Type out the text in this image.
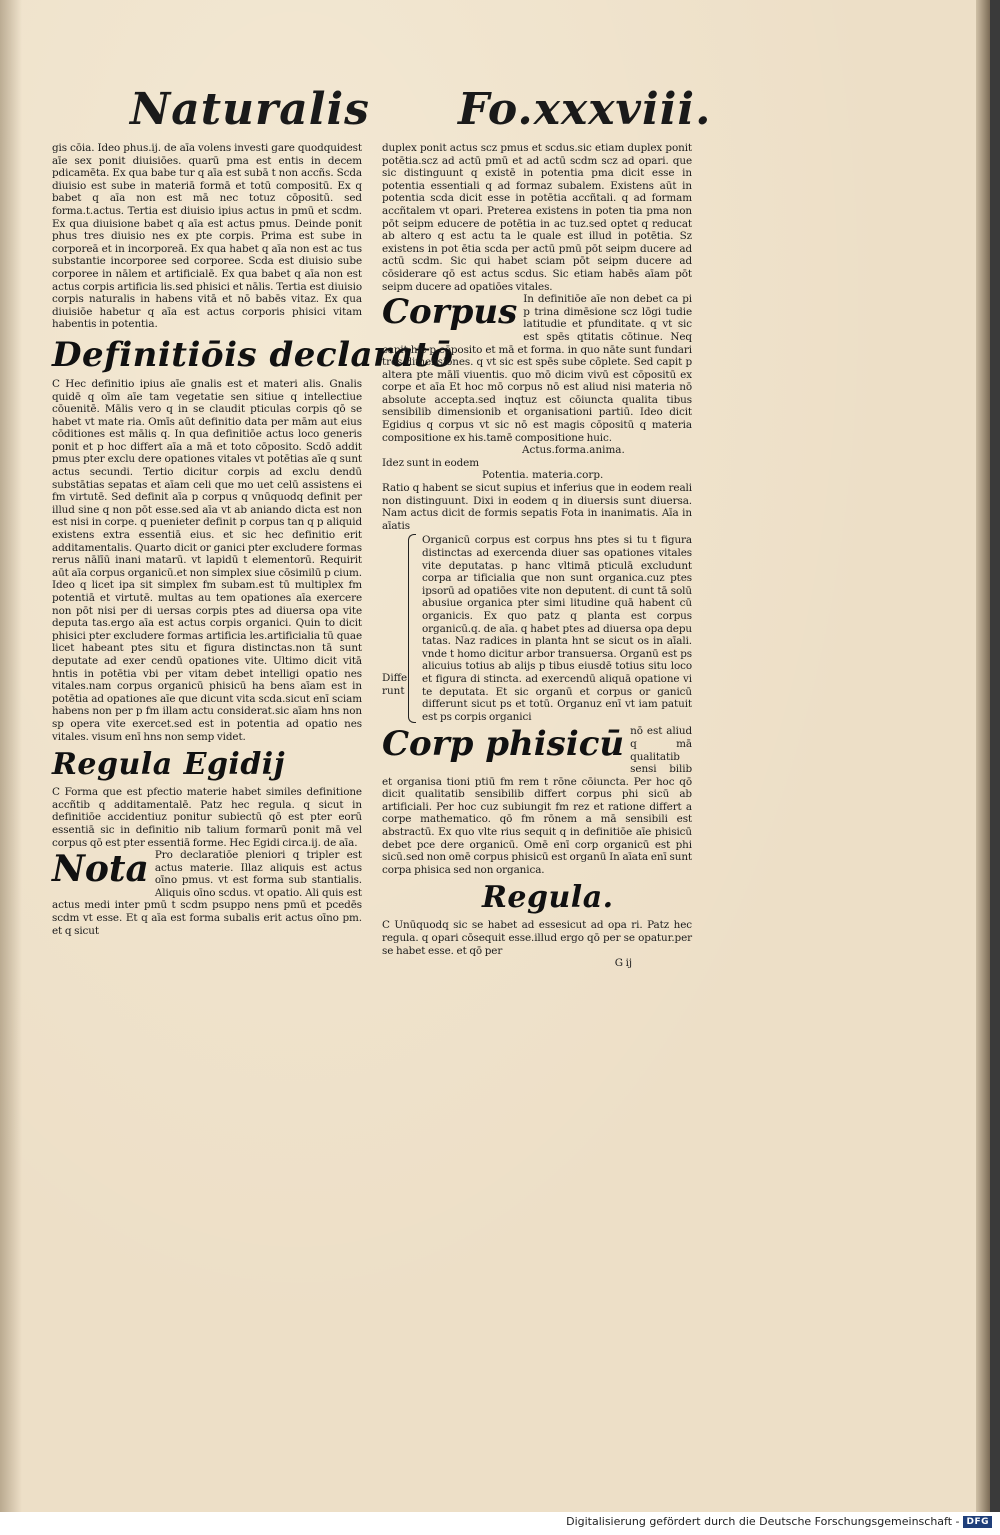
Naturalis Fo.xxxviii.

gis cōia. Ideo phus.ij. de aīa volens investi gare quodquidest aīe sex ponit diuisiōes. quarū pma est entis in decem pdicamēta. Ex qua babe tur q aīa est subā t non accñs. Scda diuisio est sube in materiā formā et totū compositū. Ex q babet q aīa non est mā nec totuz cōpositū. sed forma.t.actus. Tertia est diuisio ipius actus in pmū et scdm. Ex qua diuisione babet q aīa est actus pmus. Deinde ponit phus tres diuisio nes ex pte corpis. Prima est sube in corporeā et in incorporeā. Ex qua habet q aīa non est ac tus substantie incorporee sed corporee. Scda est diuisio sube corporee in nālem et artificialē. Ex qua babet q aīa non est actus corpis artificia lis.sed phisici et nālis. Tertia est diuisio corpis naturalis in habens vitā et nō babēs vitaz. Ex qua diuisiōe habetur q aīa est actus corporis phisici vitam habentis in potentia.

Definitiōis declaratō

C Hec definitio ipius aīe gnalis est et materi alis. Gnalis quidē q oīm aīe tam vegetatie sen sitiue q intellectiue cōuenitē. Mālis vero q in se claudit pticulas corpis qō se habet vt mate ria. Omīs aūt definitio data per mām aut eius cōditiones est mālis q. In qua definitiōe actus loco generis ponit et p hoc differt aīa a mā et toto cōposito. Scdō addit pmus pter exclu dere opationes vitales vt potētias aīe q sunt actus secundi. Tertio dicitur corpis ad exclu dendū substātias sepatas et aīam celi que mo uet celū assistens ei fm virtutē. Sed definit aīa p corpus q vnūquodq definit per illud sine q non pōt esse.sed aīa vt ab aniando dicta est non est nisi in corpe. q puenieter definit p corpus tan q p aliquid existens extra essentiā eius. et sic hec definitio erit additamentalis. Quarto dicit or ganici pter excludere formas rerus nālīū inani matarū. vt lapidū t elementorū. Requirit aūt aīa corpus organicū.et non simplex siue cōsimilū p cium. Ideo q licet ipa sit simplex fm subam.est tū multiplex fm potentiā et virtutē. multas au tem opationes aīa exercere non pōt nisi per di uersas corpis ptes ad diuersa opa vite deputa tas.ergo aīa est actus corpis organici. Quin to dicit phisici pter excludere formas artificia les.artificialia tū quae licet habeant ptes situ et figura distinctas.non tā sunt deputate ad exer cendū opationes vite. Ultimo dicit vitā hntis in potētia vbi per vitam debet intelligi opatio nes vitales.nam corpus organicū phisicū ha bens aīam est in potētia ad opationes aīe que dicunt vita scda.sicut enī sciam habens non per p fm illam actu considerat.sic aīam hns non sp opera vite exercet.sed est in potentia ad opatio nes vitales. visum enī hns non semp videt.

Regula Egidij

C Forma que est pfectio materie habet similes definitione accñtib q additamentalē. Patz hec regula. q sicut in definitiōe accidentiuz ponitur subiectū qō est pter eorū essentiā sic in definitio nib talium formarū ponit mā vel corpus qō est pter essentiā forme. Hec Egidi circa.ij. de aīa.

Nota Pro declaratiōe pleniori q tripler est actus materie. Illaz aliquis est actus oīno pmus. vt est forma sub stantialis. Aliquis oīno scdus. vt opatio. Ali quis est actus medi inter pmū t scdm psuppo nens pmū et pcedēs scdm vt esse. Et q aīa est forma subalis erit actus oīno pm. et q sicut

duplex ponit actus scz pmus et scdus.sic etiam duplex ponit potētia.scz ad actū pmū et ad actū scdm scz ad opari. que sic distinguunt q existē in potentia pma dicit esse in potentia essentiali q ad formaz subalem. Existens aūt in potentia scda dicit esse in potētia accñtali. q ad formam accñtalem vt opari. Preterea existens in poten tia pma non pōt seipm educere de potētia in ac tuz.sed optet q reducat ab altero q est actu ta le quale est illud in potētia. Sz existens in pot ētia scda per actū pmū pōt seipm ducere ad actū scdm. Sic qui habet sciam pōt seipm ducere ad cōsiderare qō est actus scdus. Sic etiam habēs aīam pōt seipm ducere ad opatiōes vitales.

Corpus In definitiōe aīe non debet ca pi p trina dimēsione scz lōgi tudie latitudie et pfunditate. q vt sic est spēs qtitatis cōtinue. Neq capit hic p cōposito et mā et forma. in quo nāte sunt fundari tres dimensiones. q vt sic est spēs sube cōplete. Sed capit p altera pte mālī viuentis. quo mō dicim vivū est cōpositū ex corpe et aīa Et hoc mō corpus nō est aliud nisi materia nō absolute accepta.sed inqtuz est cōiuncta qualita tibus sensibilib dimensionib et organisationi partiū. Ideo dicit Egidius q corpus vt sic nō est magis cōpositū q materia compositione ex his.tamē compositione huic.

Actus.forma.anima.

Idez sunt in eodem

Potentia. materia.corp.

Ratio q habent se sicut supius et inferius que in eodem reali non distinguunt. Dixi in eodem q in diuersis sunt diuersa. Nam actus dicit de formis sepatis Fota in inanimatis. Aīa in aīatis

Diffe runt

Organicū corpus est corpus hns ptes si tu t figura distinctas ad exercenda diuer sas opationes vitales vite deputatas. p hanc vltimā pticulā excludunt corpa ar tificialia que non sunt organica.cuz ptes ipsorū ad opatiōes vite non deputent. di cunt tā solū abusiue organica pter simi litudine quā habent cū organicis. Ex quo patz q planta est corpus organicū.q. de aīa. q habet ptes ad diuersa opa depu tatas. Naz radices in planta hnt se sicut os in aīali. vnde t homo dicitur arbor transuersa. Organū est ps alicuius totius ab alijs p tibus eiusdē totius situ loco et figura di stincta. ad exercendū aliquā opatione vi te deputata. Et sic organū et corpus or ganicū differunt sicut ps et totū. Organuz enī vt iam patuit est ps corpis organici

Corp phisicū nō est aliud q mā qualitatib sensi bilib et organisa tioni ptiū fm rem t rōne cōiuncta. Per hoc qō dicit qualitatib sensibilib differt corpus phi sicū ab artificiali. Per hoc cuz subiungit fm rez et ratione differt a corpe mathematico. qō fm rōnem a mā sensibili est abstractū. Ex quo vlte rius sequit q in definitiōe aīe phisicū debet pce dere organicū. Omē enī corp organicū est phi sicū.sed non omē corpus phisicū est organū In aīata enī sunt corpa phisica sed non organica.

Regula.

C Unūquodq sic se habet ad essesicut ad opa ri. Patz hec regula. q opari cōsequit esse.illud ergo qō per se opatur.per se habet esse. et qō per

G ij

Digitalisierung gefördert durch die Deutsche Forschungsgemeinschaft - DFG
